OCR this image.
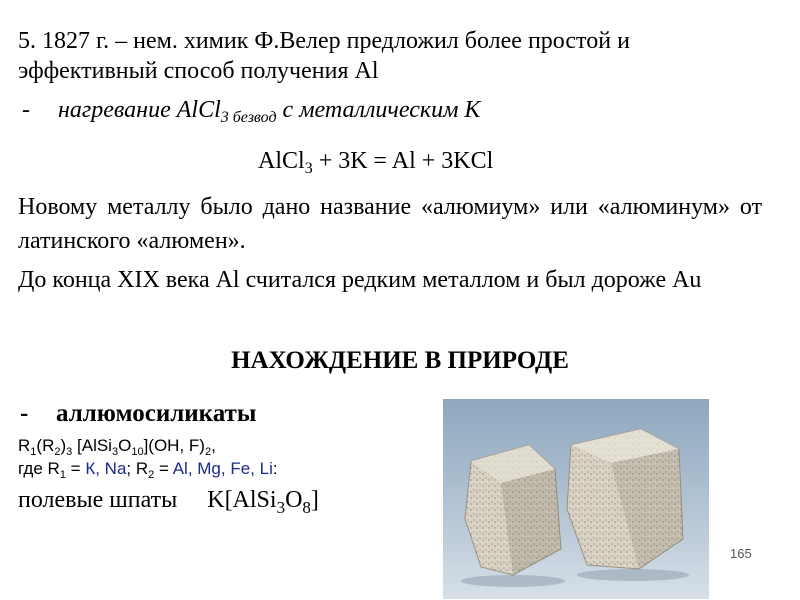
5. 1827 г. – нем. химик Ф.Велер предложил более простой и
эффективный способ получения Al
- нагревание AlCl$_3$ $_{безвод}$ с металлическим K
AlCl$_3$ + 3K = Al + 3KCl
Новому металлу было дано название «алюмиум» или «алюминум» от латинского «алюмен».
До конца XIX века Al считался редким металлом и был дороже Au
НАХОЖДЕНИЕ В ПРИРОДЕ
- аллюмосиликаты
$R_1(R_2)_3$ $[AlSi_3O_{10}](OH$, $F)_2$,
где $R_1 = К$, Na; $R_2 = Al$, Mg, Fe, Li:
полевые шпаты $K[AlSi_3O_8]$
165
